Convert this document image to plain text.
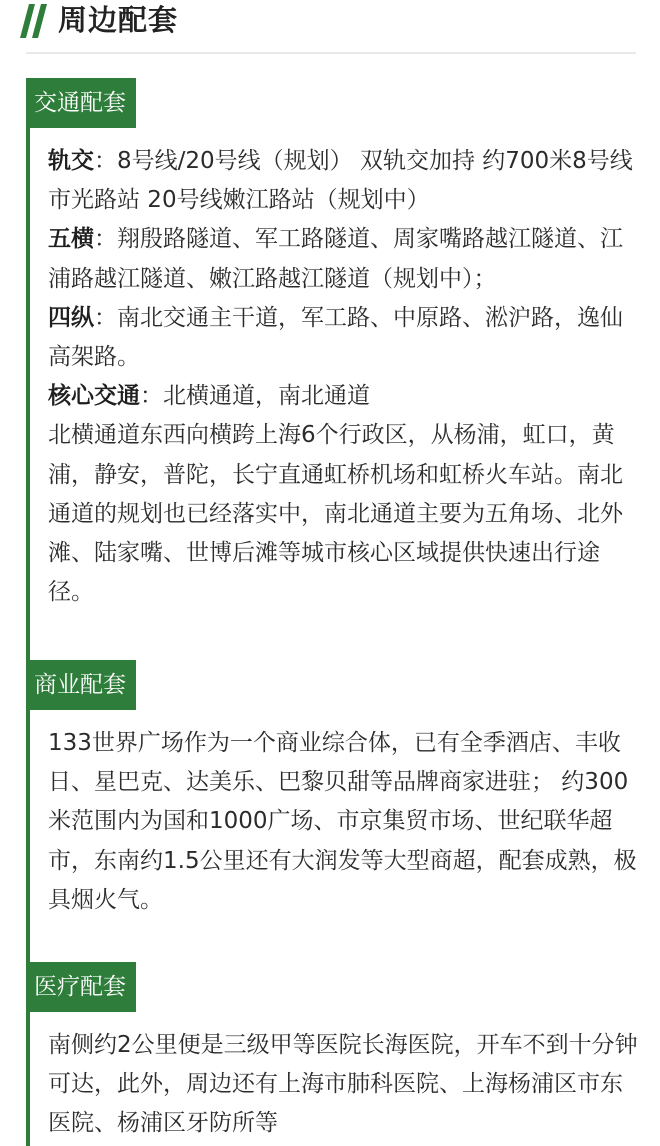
周边配套
交通配套

轨交：8号线/20号线（规划） 双轨交加持 约700米8号线市光路站 20号线嫩江路站（规划中）

五横：翔殷路隧道、军工路隧道、周家嘴路越江隧道、江浦路越江隧道、嫩江路越江隧道（规划中）；

四纵：南北交通主干道，军工路、中原路、淞沪路，逸仙高架路。

核心交通：北横通道，南北通道

北横通道东西向横跨上海6个行政区，从杨浦，虹口，黄浦，静安，普陀，长宁直通虹桥机场和虹桥火车站。南北通道的规划也已经落实中，南北通道主要为五角场、北外滩、陆家嘴、世博后滩等城市核心区域提供快速出行途径。

商业配套

133世界广场作为一个商业综合体，已有全季酒店、丰收日、星巴克、达美乐、巴黎贝甜等品牌商家进驻； 约300米范围内为国和1000广场、市京集贸市场、世纪联华超市，东南约1.5公里还有大润发等大型商超，配套成熟，极具烟火气。

医疗配套

南侧约2公里便是三级甲等医院长海医院，开车不到十分钟可达，此外，周边还有上海市肺科医院、上海杨浦区市东医院、杨浦区牙防所等
